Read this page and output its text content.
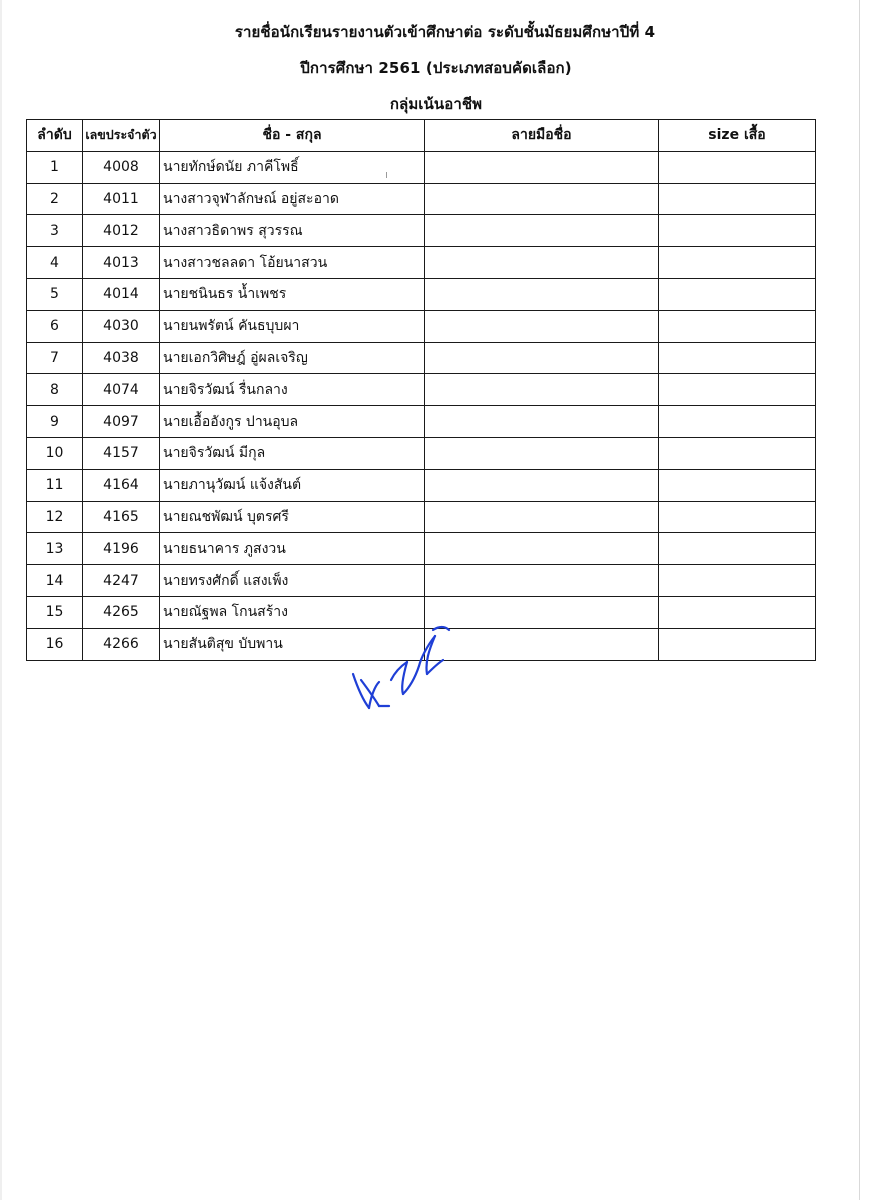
รายชื่อนักเรียนรายงานตัวเข้าศึกษาต่อ ระดับชั้นมัธยมศึกษาปีที่ 4
ปีการศึกษา 2561 (ประเภทสอบคัดเลือก)
กลุ่มเน้นอาชีพ
ลำดับ	เลขประจำตัว	ชื่อ - สกุล	ลายมือชื่อ	size เสื้อ
1	4008	นายทักษ์ดนัย ภาคีโพธิ์		
2	4011	นางสาวจุฬาลักษณ์ อยู่สะอาด		
3	4012	นางสาวธิดาพร สุวรรณ		
4	4013	นางสาวชลลดา โอ้ยนาสวน		
5	4014	นายชนินธร น้ำเพชร		
6	4030	นายนพรัตน์ คันธบุบผา		
7	4038	นายเอกวิศิษฎ์ อู่ผลเจริญ		
8	4074	นายจิรวัฒน์ รื่นกลาง		
9	4097	นายเอื้ออังกูร ปานอุบล		
10	4157	นายจิรวัฒน์ มีกุล		
11	4164	นายภานุวัฒน์ แจ้งสันต์		
12	4165	นายณชพัฒน์ บุตรศรี		
13	4196	นายธนาคาร ภูสงวน		
14	4247	นายทรงศักดิ์ แสงเพ็ง		
15	4265	นายณัฐพล โกนสร้าง		
16	4266	นายสันติสุข บับพาน		
